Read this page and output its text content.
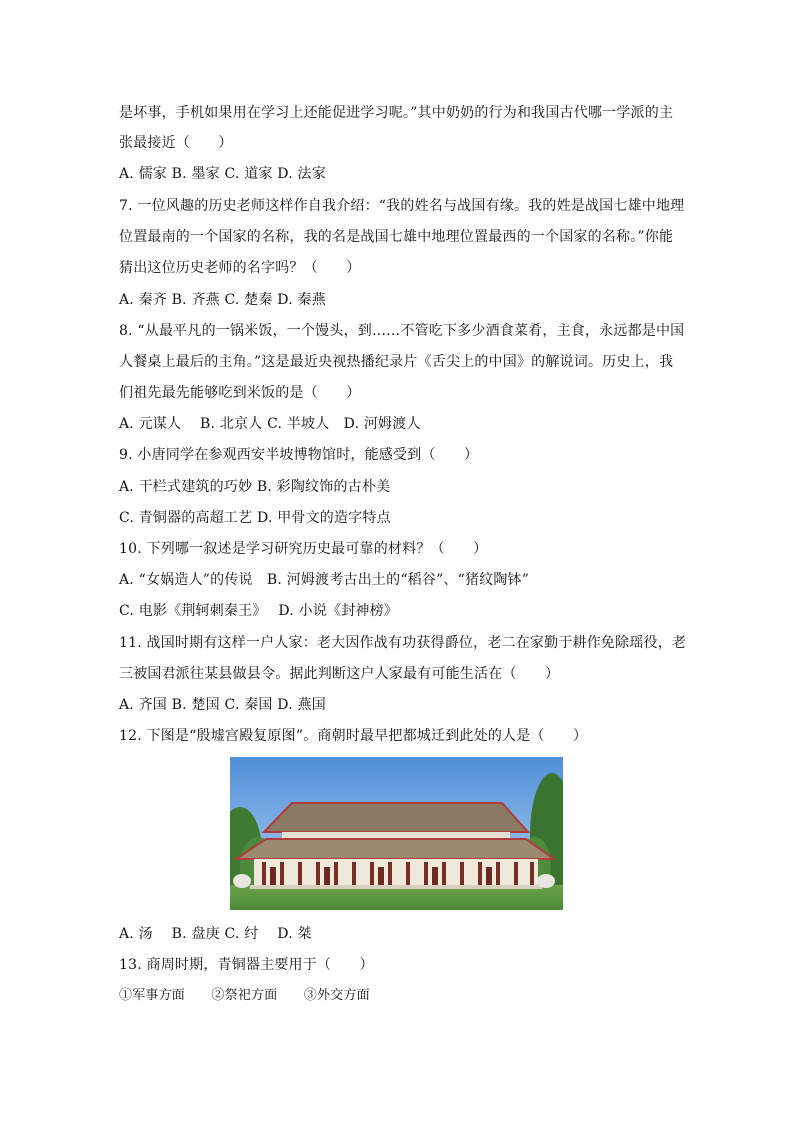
是坏事，手机如果用在学习上还能促进学习呢。”其中奶奶的行为和我国古代哪一学派的主
张最接近（　　）
A. 儒家 B. 墨家 C. 道家 D. 法家
7. 一位风趣的历史老师这样作自我介绍：“我的姓名与战国有缘。我的姓是战国七雄中地理
位置最南的一个国家的名称，我的名是战国七雄中地理位置最西的一个国家的名称。”你能
猜出这位历史老师的名字吗？（　　）
A. 秦齐 B. 齐燕 C. 楚秦 D. 秦燕
8. “从最平凡的一锅米饭，一个馒头，到……不管吃下多少酒食菜肴，主食，永远都是中国
人餐桌上最后的主角。”这是最近央视热播纪录片《舌尖上的中国》的解说词。历史上，我
们祖先最先能够吃到米饭的是（　　）
A. 元谋人　 B. 北京人 C. 半坡人　D. 河姆渡人
9. 小唐同学在参观西安半坡博物馆时，能感受到（　　）
A. 干栏式建筑的巧妙 B. 彩陶纹饰的古朴美
C. 青铜器的高超工艺 D. 甲骨文的造字特点
10. 下列哪一叙述是学习研究历史最可靠的材料？（　　）
A. “女娲造人”的传说　B. 河姆渡考古出土的“稻谷”、“猪纹陶钵”
C. 电影《荆轲刺秦王》　 D. 小说《封神榜》
11. 战国时期有这样一户人家：老大因作战有功获得爵位，老二在家勤于耕作免除瑶役，老
三被国君派往某县做县令。据此判断这户人家最有可能生活在（　　）
A. 齐国 B. 楚国 C. 秦国 D. 燕国
12. 下图是“殷墟宫殿复原图”。商朝时最早把都城迁到此处的人是（　　）
A. 汤　 B. 盘庚 C. 纣　 D. 桀
13. 商周时期，青铜器主要用于（　　）
①军事方面　　②祭祀方面　　③外交方面
